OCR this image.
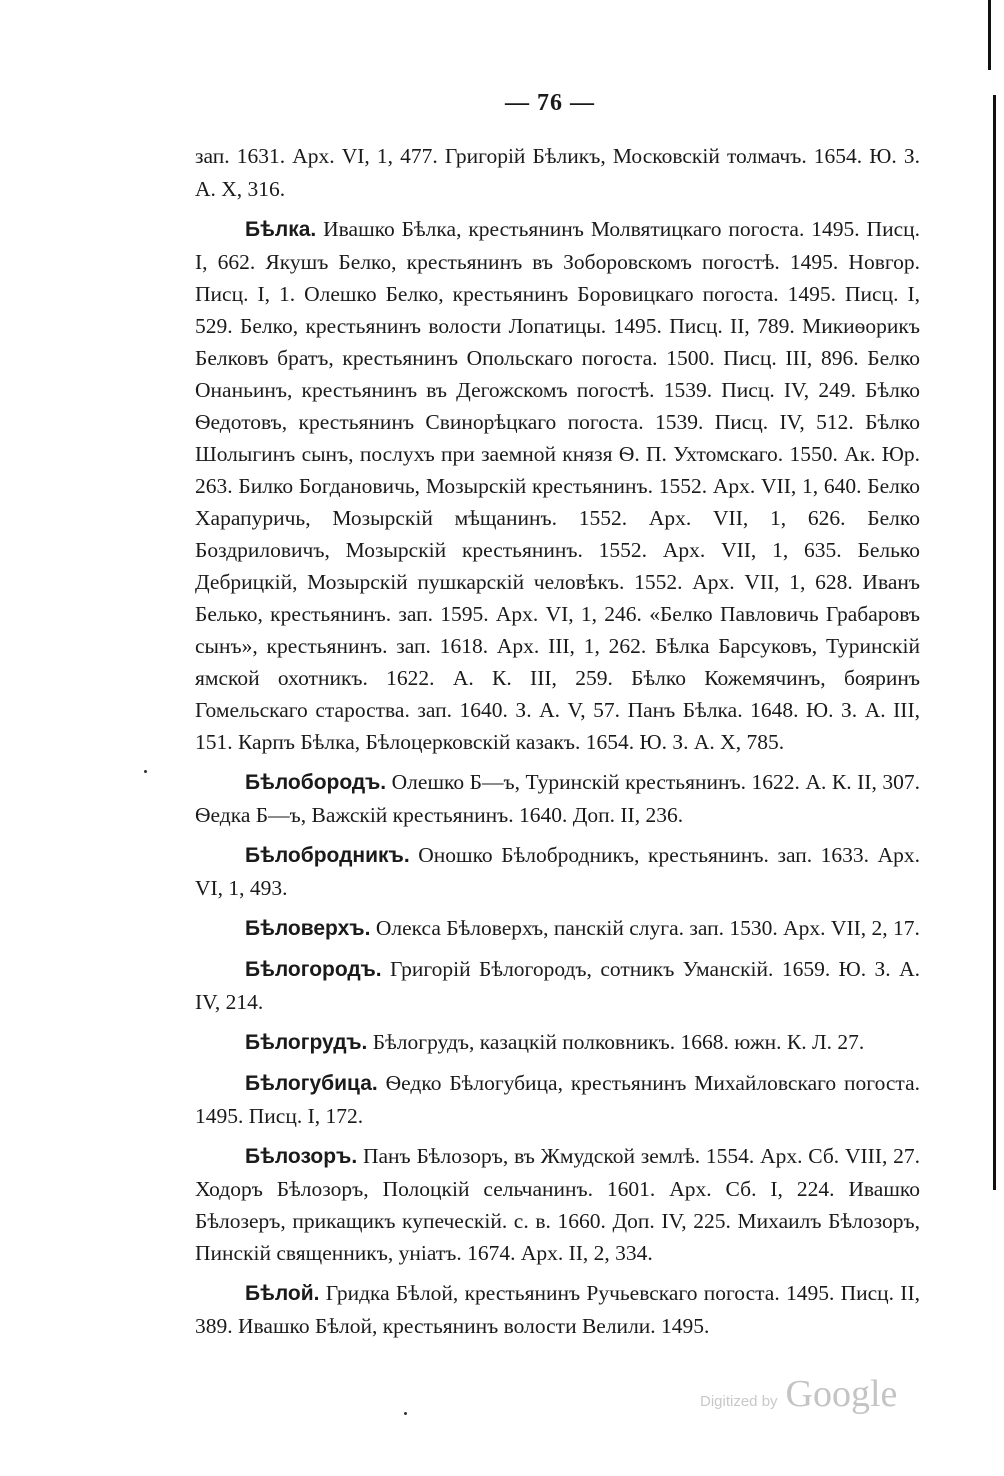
— 76 —

зап. 1631. Арх. VI, 1, 477. Григорій Бѣликъ, Московскій толмачъ. 1654. Ю. З. А. X, 316.

Бѣлка. Ивашко Бѣлка, крестьянинъ Молвятицкаго погоста. 1495. Писц. I, 662. Якушъ Белко, крестьянинъ въ Зоборовскомъ погостѣ. 1495. Новгор. Писц. I, 1. Олешко Белко, крестьянинъ Боровицкаго погоста. 1495. Писц. I, 529. Белко, крестьянинъ волости Лопатицы. 1495. Писц. II, 789. Микиѳорикъ Белковъ братъ, крестьянинъ Опольскаго погоста. 1500. Писц. III, 896. Белко Онаньинъ, крестьянинъ въ Дегожскомъ погостѣ. 1539. Писц. IV, 249. Бѣлко Ѳедотовъ, крестьянинъ Свинорѣцкаго погоста. 1539. Писц. IV, 512. Бѣлко Шолыгинъ сынъ, послухъ при заемной князя Ѳ. П. Ухтомскаго. 1550. Ак. Юр. 263. Билко Богдановичь, Мозырскій крестьянинъ. 1552. Арх. VII, 1, 640. Белко Харапуричь, Мозырскій мѣщанинъ. 1552. Арх. VII, 1, 626. Белко Боздриловичъ, Мозырскій крестьянинъ. 1552. Арх. VII, 1, 635. Белько Дебрицкій, Мозырскій пушкарскій человѣкъ. 1552. Арх. VII, 1, 628. Иванъ Белько, крестьянинъ. зап. 1595. Арх. VI, 1, 246. «Белко Павловичь Грабаровъ сынъ», крестьянинъ. зап. 1618. Арх. III, 1, 262. Бѣлка Барсуковъ, Туринскій ямской охотникъ. 1622. А. К. III, 259. Бѣлко Кожемячинъ, бояринъ Гомельскаго староства. зап. 1640. З. А. V, 57. Панъ Бѣлка. 1648. Ю. З. А. III, 151. Карпъ Бѣлка, Бѣлоцерковскій казакъ. 1654. Ю. З. А. X, 785.

Бѣлобородъ. Олешко Б—ъ, Туринскій крестьянинъ. 1622. А. К. II, 307. Ѳедка Б—ъ, Важскій крестьянинъ. 1640. Доп. II, 236.

Бѣлобродникъ. Оношко Бѣлобродникъ, крестьянинъ. зап. 1633. Арх. VI, 1, 493.

Бѣловерхъ. Олекса Бѣловерхъ, панскій слуга. зап. 1530. Арх. VII, 2, 17.

Бѣлогородъ. Григорій Бѣлогородъ, сотникъ Уманскій. 1659. Ю. З. А. IV, 214.

Бѣлогрудъ. Бѣлогрудъ, казацкій полковникъ. 1668. южн. К. Л. 27.

Бѣлогубица. Ѳедко Бѣлогубица, крестьянинъ Михайловскаго погоста. 1495. Писц. I, 172.

Бѣлозоръ. Панъ Бѣлозоръ, въ Жмудской землѣ. 1554. Арх. Сб. VIII, 27. Ходоръ Бѣлозоръ, Полоцкій сельчанинъ. 1601. Арх. Сб. I, 224. Ивашко Бѣлозеръ, прикащикъ купеческій. с. в. 1660. Доп. IV, 225. Михаилъ Бѣлозоръ, Пинскій священникъ, уніатъ. 1674. Арх. II, 2, 334.

Бѣлой. Гридка Бѣлой, крестьянинъ Ручьевскаго погоста. 1495. Писц. II, 389. Ивашко Бѣлой, крестьянинъ волости Велили. 1495.

Digitized by Google
